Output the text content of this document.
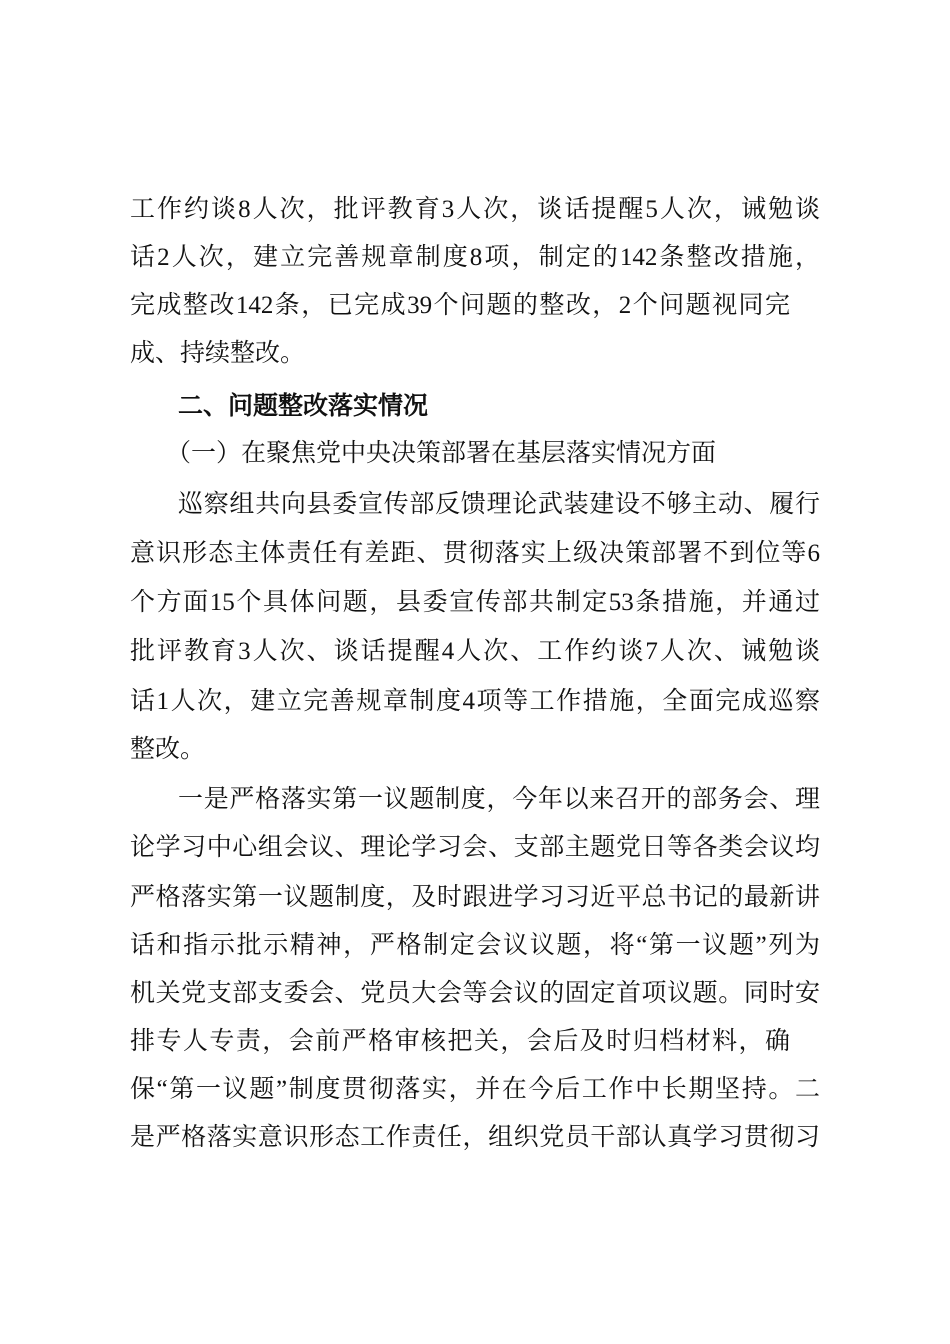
工作约谈8人次，批评教育3人次，谈话提醒5人次，诫勉谈
话2人次，建立完善规章制度8项，制定的142条整改措施，
完成整改142条，已完成39个问题的整改，2个问题视同完
成、持续整改。
二、问题整改落实情况
（一）在聚焦党中央决策部署在基层落实情况方面
巡察组共向县委宣传部反馈理论武装建设不够主动、履行
意识形态主体责任有差距、贯彻落实上级决策部署不到位等6
个方面15个具体问题，县委宣传部共制定53条措施，并通过
批评教育3人次、谈话提醒4人次、工作约谈7人次、诫勉谈
话1人次，建立完善规章制度4项等工作措施，全面完成巡察
整改。
一是严格落实第一议题制度，今年以来召开的部务会、理
论学习中心组会议、理论学习会、支部主题党日等各类会议均
严格落实第一议题制度，及时跟进学习习近平总书记的最新讲
话和指示批示精神，严格制定会议议题，将“第一议题”列为
机关党支部支委会、党员大会等会议的固定首项议题。同时安
排专人专责，会前严格审核把关，会后及时归档材料，确
保“第一议题”制度贯彻落实，并在今后工作中长期坚持。二
是严格落实意识形态工作责任，组织党员干部认真学习贯彻习
